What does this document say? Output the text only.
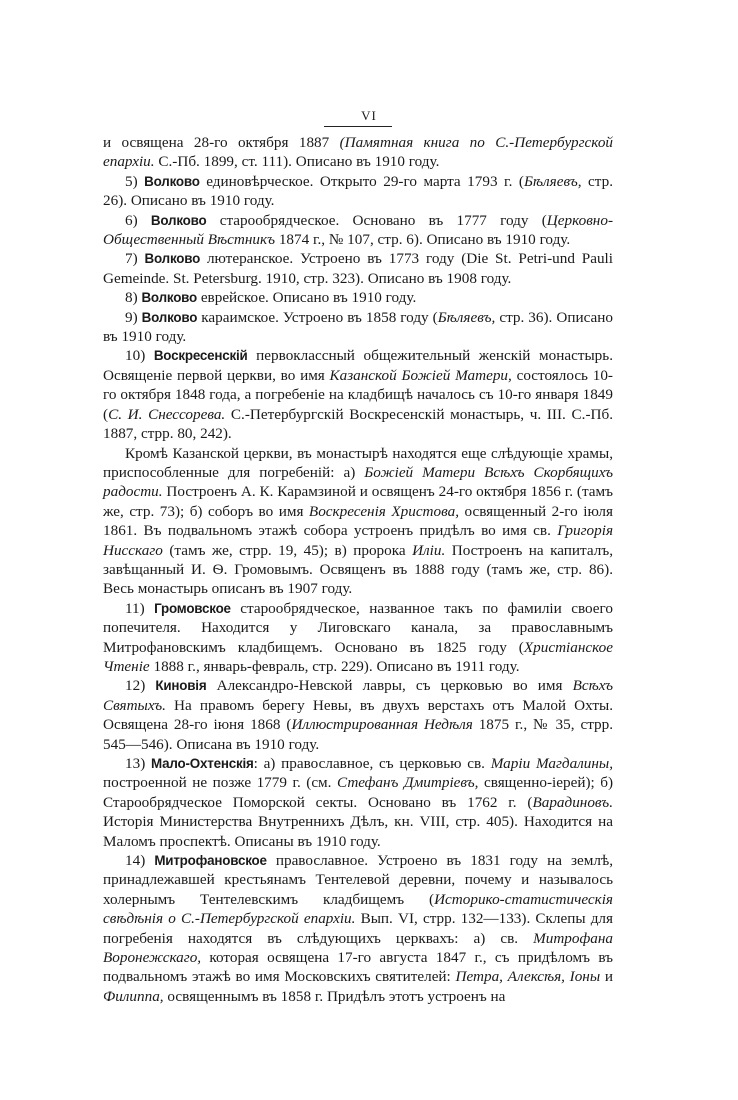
VI

и освящена 28-го октября 1887 (Памятная книга по С.-Петербургской епархіи. С.-Пб. 1899, ст. 111). Описано въ 1910 году.

5) Волково единовѣрческое. Открыто 29-го марта 1793 г. (Бѣляевъ, стр. 26). Описано въ 1910 году.

6) Волково старообрядческое. Основано въ 1777 году (Церковно-Общественный Вѣстникъ 1874 г., № 107, стр. 6). Описано въ 1910 году.

7) Волково лютеранское. Устроено въ 1773 году (Die St. Petri-und Pauli Gemeinde. St. Petersburg. 1910, стр. 323). Описано въ 1908 году.

8) Волково еврейское. Описано въ 1910 году.

9) Волково караимское. Устроено въ 1858 году (Бѣляевъ, стр. 36). Описано въ 1910 году.

10) Воскресенскій первоклассный общежительный женскій монастырь. Освященіе первой церкви, во имя Казанской Божіей Матери, состоялось 10-го октября 1848 года, а погребеніе на кладбищѣ началось съ 10-го января 1849 (С. И. Снессорева. С.-Петербургскій Воскресенскій монастырь, ч. III. С.-Пб. 1887, стрр. 80, 242).

Кромѣ Казанской церкви, въ монастырѣ находятся еще слѣдующіе храмы, приспособленные для погребеній: а) Божіей Матери Всѣхъ Скорбящихъ радости. Построенъ А. К. Карамзиной и освященъ 24-го октября 1856 г. (тамъ же, стр. 73); б) соборъ во имя Воскресенія Христова, освященный 2-го іюля 1861. Въ подвальномъ этажѣ собора устроенъ придѣлъ во имя св. Григорія Нисскаго (тамъ же, стрр. 19, 45); в) пророка Иліи. Построенъ на капиталъ, завѣщанный И. Ѳ. Громовымъ. Освященъ въ 1888 году (тамъ же, стр. 86). Весь монастырь описанъ въ 1907 году.

11) Громовское старообрядческое, названное такъ по фамиліи своего попечителя. Находится у Лиговскаго канала, за православнымъ Митрофановскимъ кладбищемъ. Основано въ 1825 году (Христіанское Чтеніе 1888 г., январь-февраль, стр. 229). Описано въ 1911 году.

12) Киновія Александро-Невской лавры, съ церковью во имя Всѣхъ Святыхъ. На правомъ берегу Невы, въ двухъ верстахъ отъ Малой Охты. Освящена 28-го іюня 1868 (Иллюстрированная Недѣля 1875 г., № 35, стрр. 545—546). Описана въ 1910 году.

13) Мало-Охтенскія: а) православное, съ церковью св. Маріи Магдалины, построенной не позже 1779 г. (см. Стефанъ Дмитріевъ, священно-іерей); б) Старообрядческое Поморской секты. Основано въ 1762 г. (Варадиновъ. Исторія Министерства Внутреннихъ Дѣлъ, кн. VIII, стр. 405). Находится на Маломъ проспектѣ. Описаны въ 1910 году.

14) Митрофановское православное. Устроено въ 1831 году на землѣ, принадлежавшей крестьянамъ Тентелевой деревни, почему и называлось холернымъ Тентелевскимъ кладбищемъ (Историко-статистическія свѣдѣнія о С.-Петербургской епархіи. Вып. VI, стрр. 132—133). Склепы для погребенія находятся въ слѣдующихъ церквахъ: а) св. Митрофана Воронежскаго, которая освящена 17-го августа 1847 г., съ придѣломъ въ подвальномъ этажѣ во имя Московскихъ святителей: Петра, Алексѣя, Іоны и Филиппа, освященнымъ въ 1858 г. Придѣлъ этотъ устроенъ на
